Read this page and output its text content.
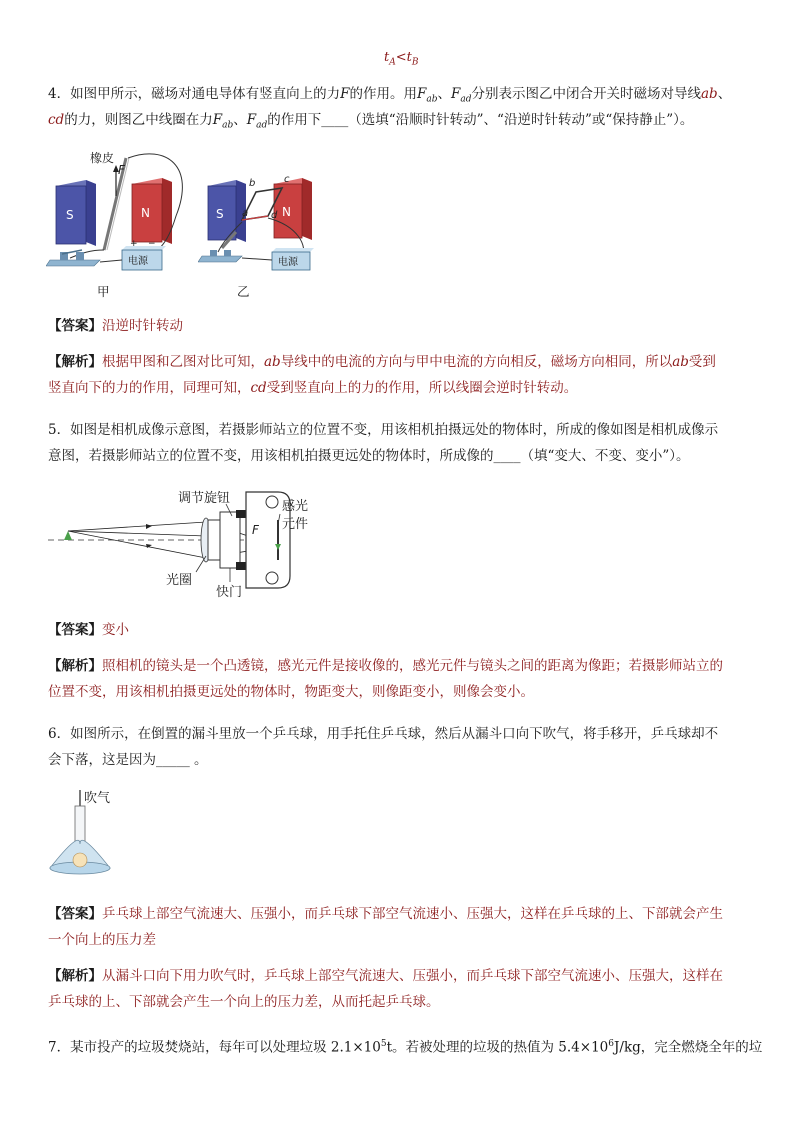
$t_A<t_B$
4．如图甲所示，磁场对通电导体有竖直向上的力F的作用。用$F_{ab}$、$F_{ad}$分别表示图乙中闭合开关时磁场对导线ab、
cd的力，则图乙中线圈在力$F_{ab}$、$F_{ad}$的作用下____（选填“沿顺时针转动”、“沿逆时针转动”或“保持静止”）。
S	N
F
橡皮
电源
+ −
甲
S	N
a
b	c
d
电源
乙
【答案】沿逆时针转动
【解析】根据甲图和乙图对比可知，ab导线中的电流的方向与甲中电流的方向相反，磁场方向相同，所以ab受到
竖直向下的力的作用，同理可知，cd受到竖直向上的力的作用，所以线圈会逆时针转动。
5．如图是相机成像示意图，若摄影师站立的位置不变，用该相机拍摄远处的物体时，所成的像如图是相机成像示
意图，若摄影师站立的位置不变，用该相机拍摄更远处的物体时，所成像的____（填“变大、不变、变小”）。
调节旋钮
感光
元件
F
光圈
快门
【答案】变小
【解析】照相机的镜头是一个凸透镜，感光元件是接收像的，感光元件与镜头之间的距离为像距；若摄影师站立的
位置不变，用该相机拍摄更远处的物体时，物距变大，则像距变小，则像会变小。
6．如图所示，在倒置的漏斗里放一个乒乓球，用手托住乒乓球，然后从漏斗口向下吹气，将手移开，乒乓球却不
会下落，这是因为_____ 。
吹气
【答案】乒乓球上部空气流速大、压强小，而乒乓球下部空气流速小、压强大，这样在乒乓球的上、下部就会产生
一个向上的压力差
【解析】从漏斗口向下用力吹气时，乒乓球上部空气流速大、压强小，而乒乓球下部空气流速小、压强大，这样在
乒乓球的上、下部就会产生一个向上的压力差，从而托起乒乓球。
7．某市投产的垃圾焚烧站，每年可以处理垃圾 $2.1\times 10^5t$。若被处理的垃圾的热值为 $5.4\times 10^6J/kg$，完全燃烧全年的垃
